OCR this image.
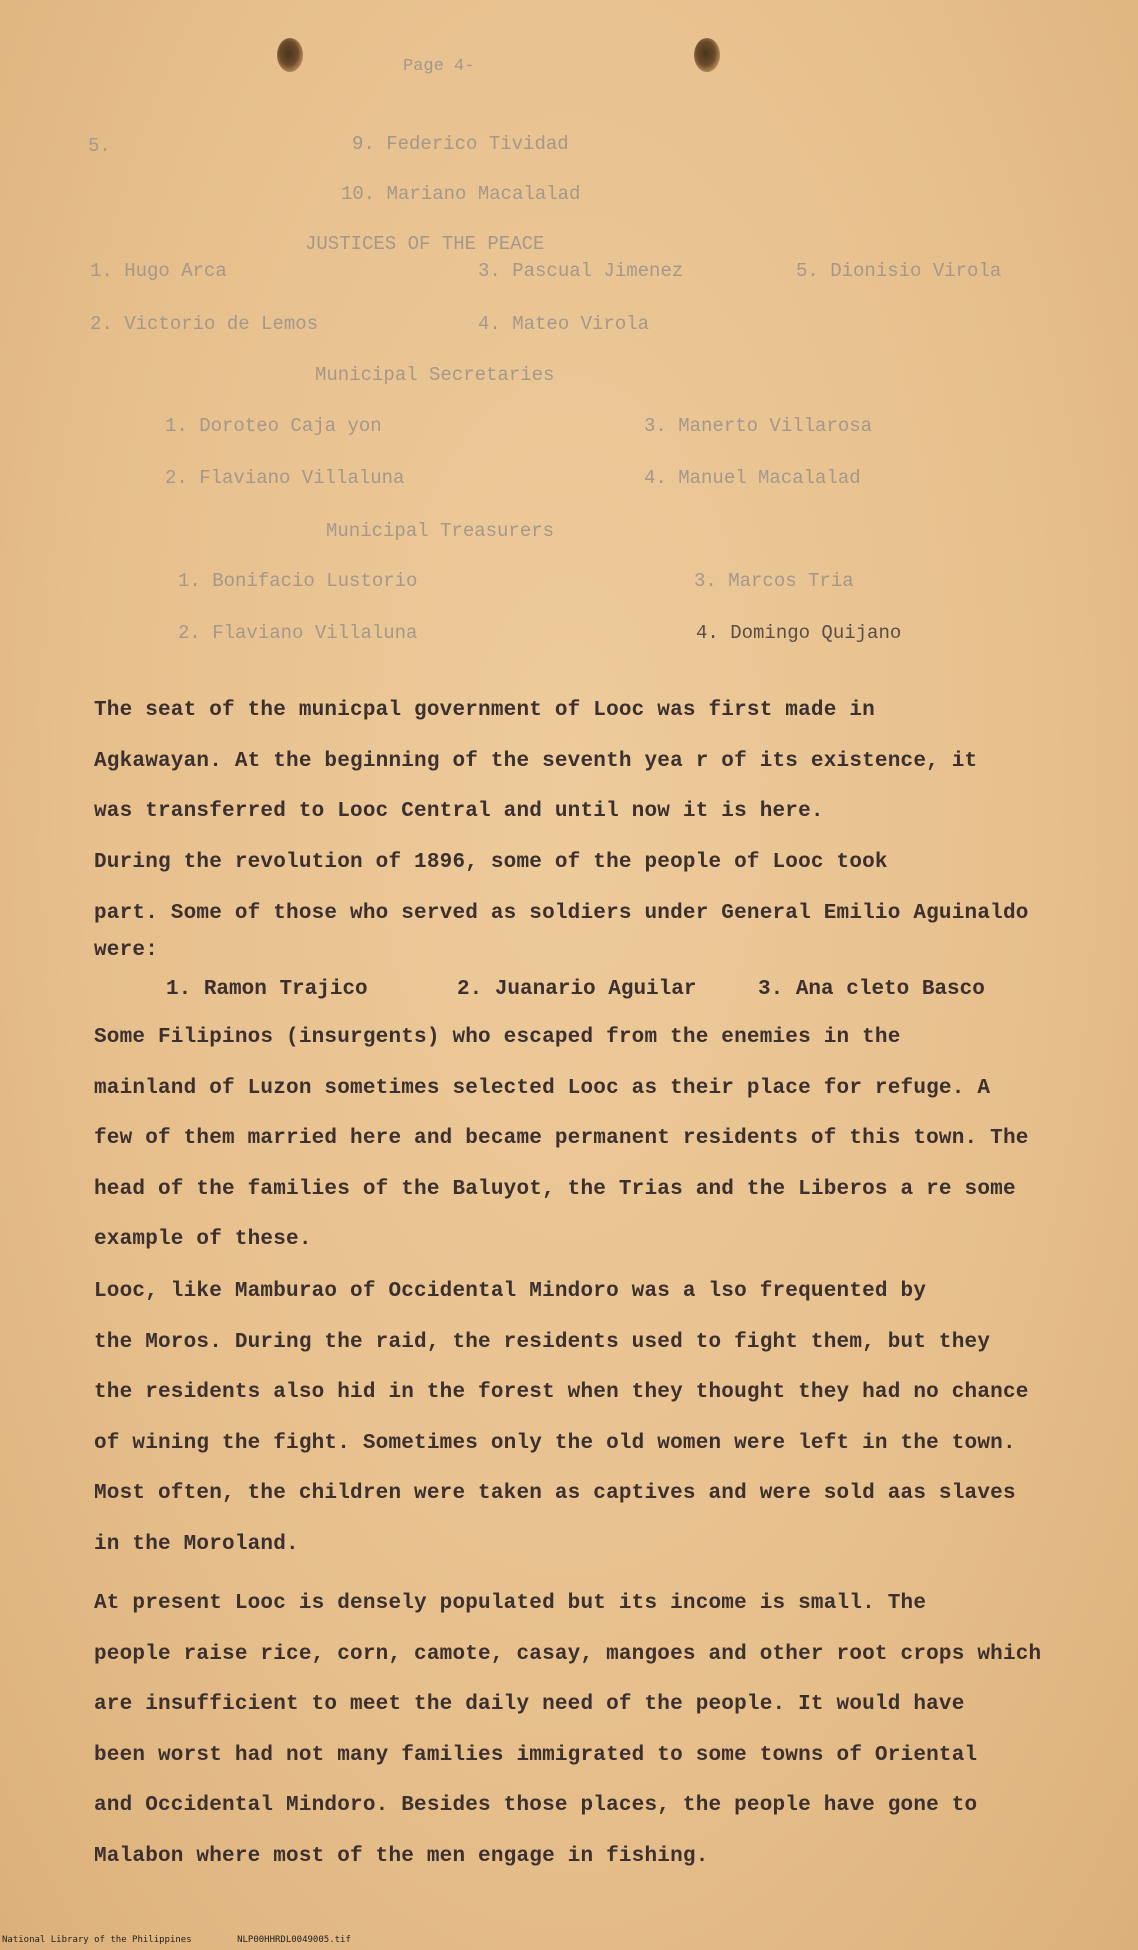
Page 4-
5.	9. Federico Tividad
10. Mariano Macalalad
JUSTICES OF THE PEACE
1. Hugo Arca	3. Pascual Jimenez	5. Dionisio Virola
2. Victorio de Lemos	4. Mateo Virola
Municipal Secretaries
1. Doroteo Caja yon	3. Manerto Villarosa
2. Flaviano Villaluna	4. Manuel Macalalad
Municipal Treasurers
1. Bonifacio Lustorio	3. Marcos Tria
2. Flaviano Villaluna	4. Domingo Quijano
The seat of the municpal government of Looc was first made in
Agkawayan. At the beginning of the seventh yea r of its existence, it
was transferred to Looc Central and until now it is here.
During the revolution of 1896, some of the people of Looc took
part. Some of those who served as soldiers under General Emilio Aguinaldo
were:
1. Ramon Trajico	2. Juanario Aguilar	3. Ana cleto Basco
Some Filipinos (insurgents) who escaped from the enemies in the
mainland of Luzon sometimes selected Looc as their place for refuge. A
few of them married here and became permanent residents of this town. The
head of the families of the Baluyot, the Trias and the Liberos a re some
example of these.
Looc, like Mamburao of Occidental Mindoro was a lso frequented by
the Moros. During the raid, the residents used to fight them, but they
the residents also hid in the forest when they thought they had no chance
of wining the fight. Sometimes only the old women were left in the town.
Most often, the children were taken as captives and were sold aas slaves
in the Moroland.
At present Looc is densely populated but its income is small. The
people raise rice, corn, camote, casay, mangoes and other root crops which
are insufficient to meet the daily need of the people. It would have
been worst had not many families immigrated to some towns of Oriental
and Occidental Mindoro. Besides those places, the people have gone to
Malabon where most of the men engage in fishing.
National Library of the Philippines	NLP00HHRDL0049005.tif
